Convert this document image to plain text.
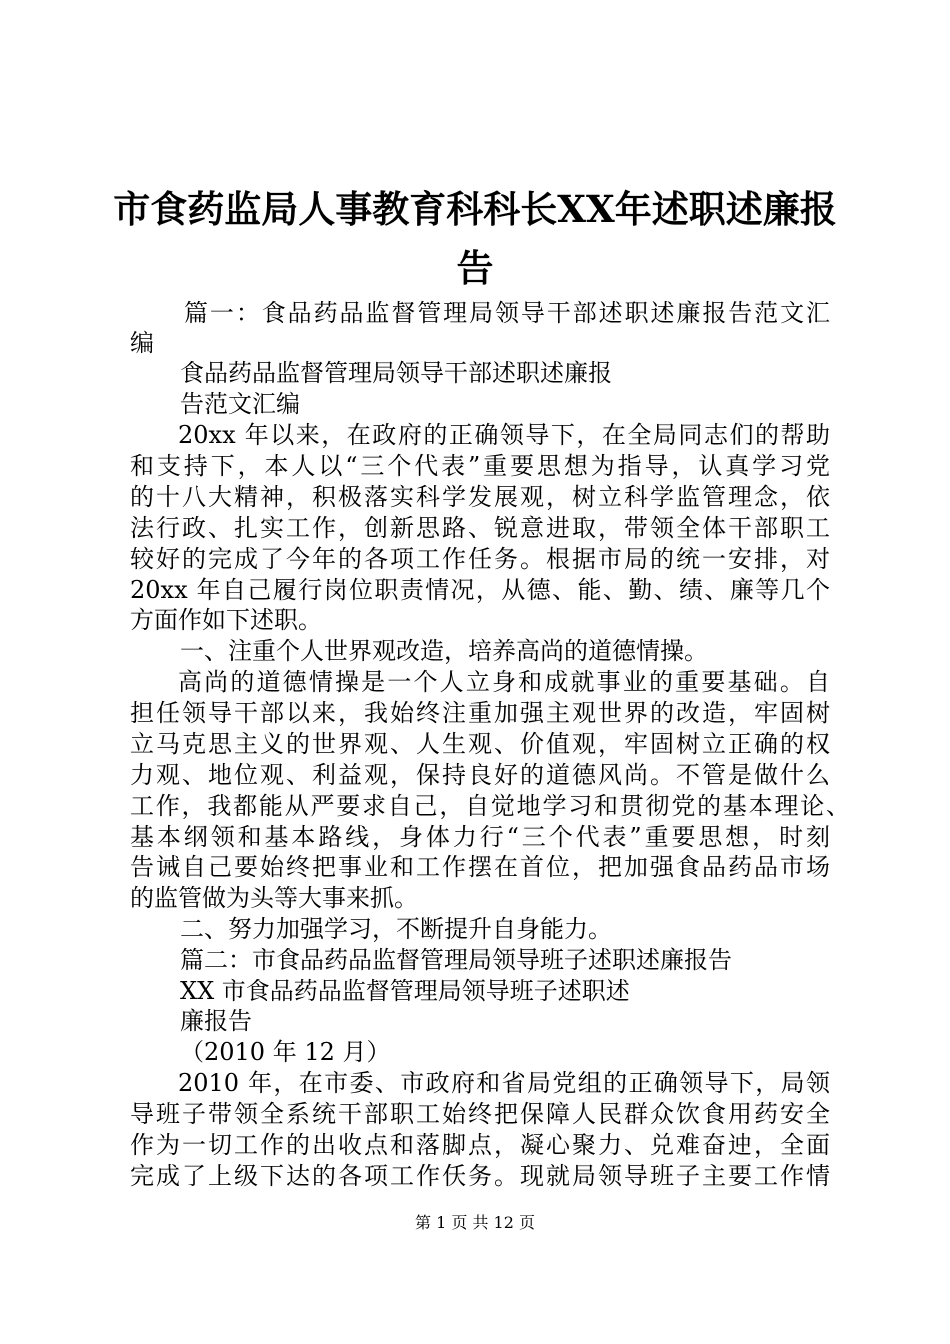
市食药监局人事教育科科长XX年述职述廉报
告

篇一：食品药品监督管理局领导干部述职述廉报告范文汇

编

食品药品监督管理局领导干部述职述廉报

告范文汇编

20xx 年以来，在政府的正确领导下，在全局同志们的帮助

和支持下，本人以“三个代表”重要思想为指导，认真学习党

的十八大精神，积极落实科学发展观，树立科学监管理念，依

法行政、扎实工作，创新思路、锐意进取，带领全体干部职工

较好的完成了今年的各项工作任务。根据市局的统一安排，对

20xx 年自己履行岗位职责情况，从德、能、勤、绩、廉等几个

方面作如下述职。

一、注重个人世界观改造，培养高尚的道德情操。

高尚的道德情操是一个人立身和成就事业的重要基础。自

担任领导干部以来，我始终注重加强主观世界的改造，牢固树

立马克思主义的世界观、人生观、价值观，牢固树立正确的权

力观、地位观、利益观，保持良好的道德风尚。不管是做什么

工作，我都能从严要求自己，自觉地学习和贯彻党的基本理论、

基本纲领和基本路线，身体力行“三个代表”重要思想，时刻

告诫自己要始终把事业和工作摆在首位，把加强食品药品市场

的监管做为头等大事来抓。

二、努力加强学习，不断提升自身能力。

篇二：市食品药品监督管理局领导班子述职述廉报告

XX 市食品药品监督管理局领导班子述职述

廉报告

（2010 年 12 月）

2010 年，在市委、市政府和省局党组的正确领导下，局领

导班子带领全系统干部职工始终把保障人民群众饮食用药安全

作为一切工作的出收点和落脚点，凝心聚力、兑难奋迚，全面

完成了上级下达的各项工作仸务。现就局领导班子主要工作情

第 1 页 共 12 页
